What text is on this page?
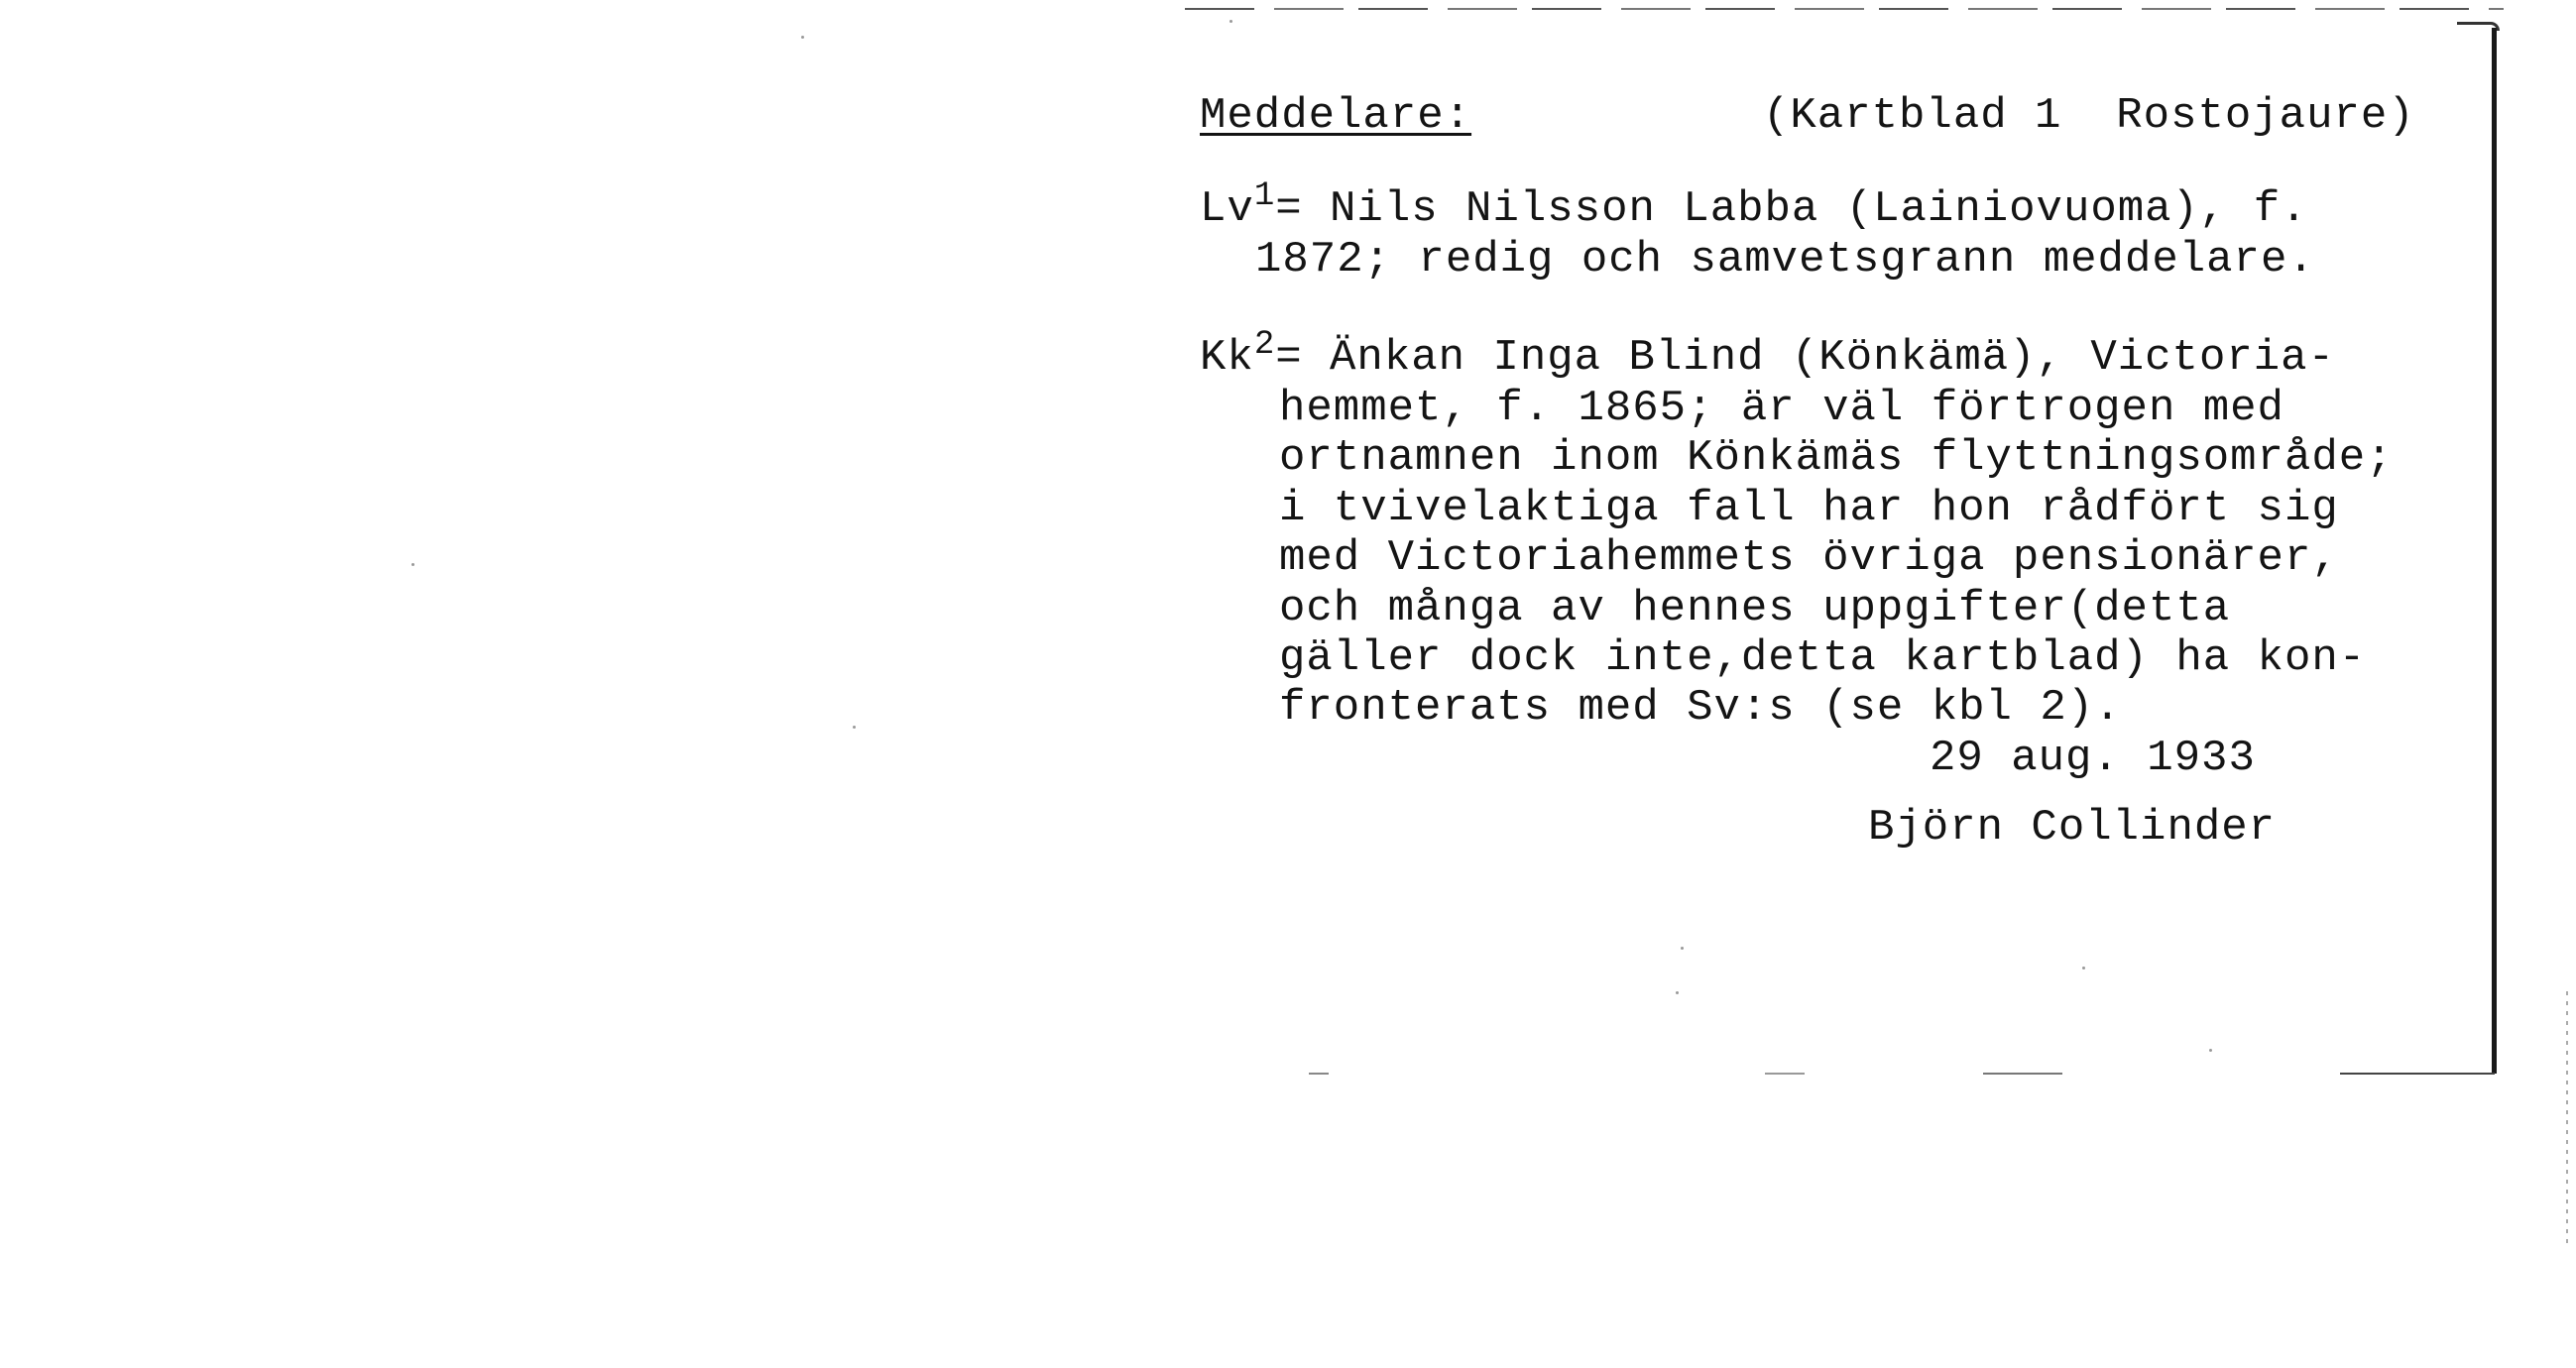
Meddelare:	(Kartblad 1  Rostojaure)

$Lv^1=$ Nils Nilsson Labba (Lainiovuoma), f.

1872; redig och samvetsgrann meddelare.

$Kk^2=$ Änkan Inga Blind (Könkämä), Victoria-

hemmet, f. 1865; är väl förtrogen med

ortnamnen inom Könkämäs flyttningsområde;

i tvivelaktiga fall har hon rådfört sig

med Victoriahemmets övriga pensionärer,

och många av hennes uppgifter(detta

gäller dock inte,detta kartblad) ha kon-

fronterats med Sv:s (se kbl 2).

29 aug. 1933

Björn Collinder
